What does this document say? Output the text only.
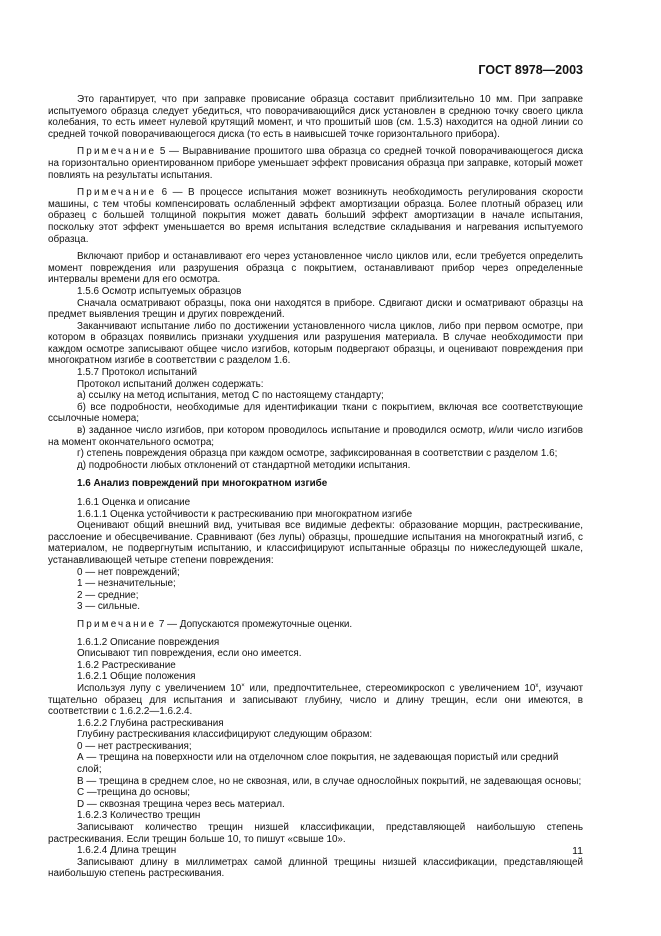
ГОСТ 8978—2003

Это гарантирует, что при заправке провисание образца составит приблизительно 10 мм. При заправке испытуемого образца следует убедиться, что поворачивающийся диск установлен в среднюю точку своего цикла колебания, то есть имеет нулевой крутящий момент, и что прошитый шов (см. 1.5.3) находится на одной линии со средней точкой поворачивающегося диска (то есть в наивысшей точке горизонтального прибора).

Примечание 5 — Выравнивание прошитого шва образца со средней точкой поворачивающегося диска на горизонтально ориентированном приборе уменьшает эффект провисания образца при заправке, который может повлиять на результаты испытания.

Примечание 6 — В процессе испытания может возникнуть необходимость регулирования скорости машины, с тем чтобы компенсировать ослабленный эффект амортизации образца. Более плотный образец или образец с большей толщиной покрытия может давать больший эффект амортизации в начале испытания, поскольку этот эффект уменьшается во время испытания вследствие складывания и нагревания испытуемого образца.

Включают прибор и останавливают его через установленное число циклов или, если требуется определить момент повреждения или разрушения образца с покрытием, останавливают прибор через определенные интервалы времени для его осмотра.

1.5.6 Осмотр испытуемых образцов

Сначала осматривают образцы, пока они находятся в приборе. Сдвигают диски и осматривают образцы на предмет выявления трещин и других повреждений.

Заканчивают испытание либо по достижении установленного числа циклов, либо при первом осмотре, при котором в образцах появились признаки ухудшения или разрушения материала. В случае необходимости при каждом осмотре записывают общее число изгибов, которым подвергают образцы, и оценивают повреждения при многократном изгибе в соответствии с разделом 1.6.

1.5.7 Протокол испытаний

Протокол испытаний должен содержать:

а) ссылку на метод испытания, метод С по настоящему стандарту;

б) все подробности, необходимые для идентификации ткани с покрытием, включая все соответствующие ссылочные номера;

в) заданное число изгибов, при котором проводилось испытание и проводился осмотр, и/или число изгибов на момент окончательного осмотра;

г) степень повреждения образца при каждом осмотре, зафиксированная в соответствии с разделом 1.6;

д) подробности любых отклонений от стандартной методики испытания.

1.6 Анализ повреждений при многократном изгибе

1.6.1 Оценка и описание

1.6.1.1 Оценка устойчивости к растрескиванию при многократном изгибе

Оценивают общий внешний вид, учитывая все видимые дефекты: образование морщин, растрескивание, расслоение и обесцвечивание. Сравнивают (без лупы) образцы, прошедшие испытания на многократный изгиб, с материалом, не подвергнутым испытанию, и классифицируют испытанные образцы по нижеследующей шкале, устанавливающей четыре степени повреждения:

0 — нет повреждений;

1 — незначительные;

2 — средние;

3 — сильные.

Примечание 7 — Допускаются промежуточные оценки.

1.6.1.2 Описание повреждения

Описывают тип повреждения, если оно имеется.

1.6.2 Растрескивание

1.6.2.1 Общие положения

Используя лупу с увеличением 10× или, предпочтительнее, стереомикроскоп с увеличением $10^х$, изучают тщательно образец для испытания и записывают глубину, число и длину трещин, если они имеются, в соответствии с 1.6.2.2—1.6.2.4.

1.6.2.2 Глубина растрескивания

Глубину растрескивания классифицируют следующим образом:

0 — нет растрескивания;

А — трещина на поверхности или на отделочном слое покрытия, не задевающая пористый или средний слой;

В — трещина в среднем слое, но не сквозная, или, в случае однослойных покрытий, не задевающая основы;

С —трещина до основы;

D — сквозная трещина через весь материал.

1.6.2.3 Количество трещин

Записывают количество трещин низшей классификации, представляющей наибольшую степень растрескивания. Если трещин больше 10, то пишут «свыше 10».

1.6.2.4 Длина трещин

Записывают длину в миллиметрах самой длинной трещины низшей классификации, представляющей наибольшую степень растрескивания.

11
